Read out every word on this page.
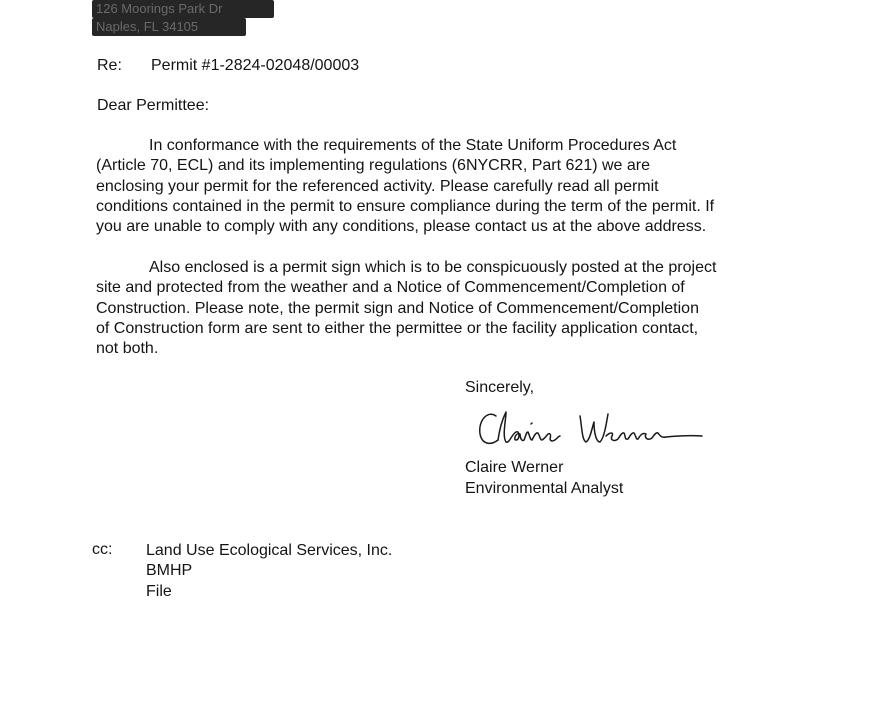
126 Moorings Park Dr
Naples, FL 34105
Re: Permit #1-2824-02048/00003
Dear Permittee:

In conformance with the requirements of the State Uniform Procedures Act
(Article 70, ECL) and its implementing regulations (6NYCRR, Part 621) we are
enclosing your permit for the referenced activity. Please carefully read all permit
conditions contained in the permit to ensure compliance during the term of the permit. If
you are unable to comply with any conditions, please contact us at the above address.

Also enclosed is a permit sign which is to be conspicuously posted at the project
site and protected from the weather and a Notice of Commencement/Completion of
Construction. Please note, the permit sign and Notice of Commencement/Completion
of Construction form are sent to either the permittee or the facility application contact,
not both.

Sincerely,
Claire Werner
Environmental Analyst
cc: Land Use Ecological Services, Inc.
BMHP
File
